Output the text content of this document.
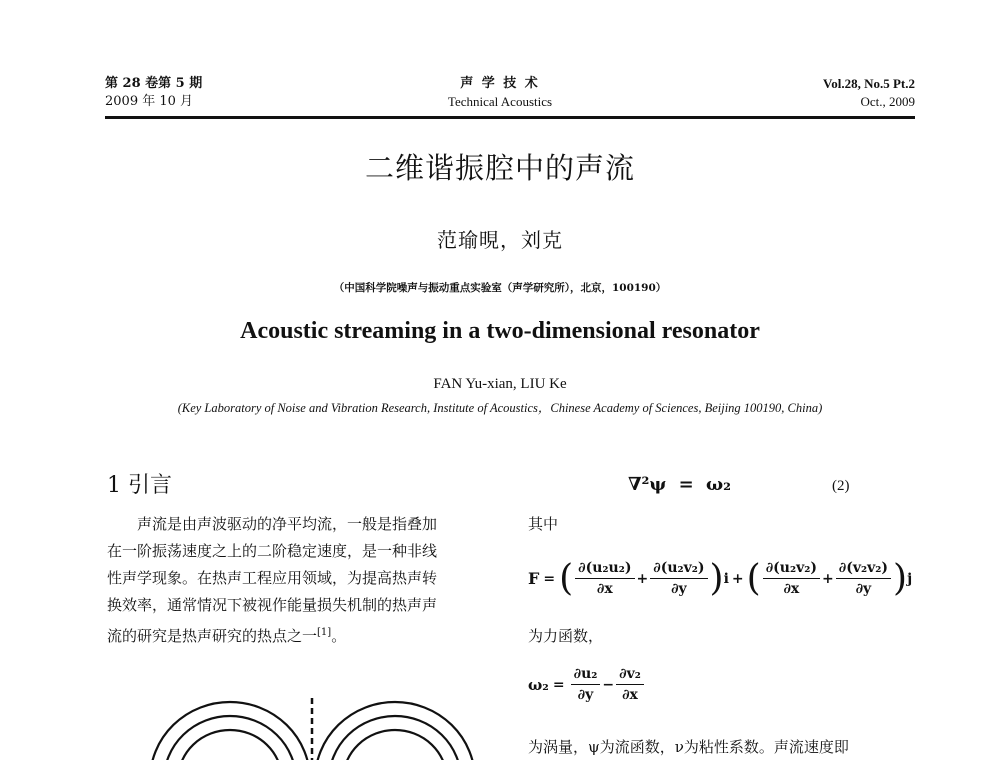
第 28 卷第 5 期
2009 年 10 月
声 学 技 术
Technical Acoustics
Vol.28, No.5 Pt.2
Oct., 2009
二维谐振腔中的声流
范瑜晛，刘克
（中国科学院噪声与振动重点实验室（声学研究所），北京，100190）
Acoustic streaming in a two-dimensional resonator
FAN Yu-xian, LIU Ke
(Key Laboratory of Noise and Vibration Research, Institute of Acoustics，Chinese Academy of Sciences, Beijing 100190, China)
1 引言

声流是由声波驱动的净平均流，一般是指叠加

在一阶振荡速度之上的二阶稳定速度，是一种非线

性声学现象。在热声工程应用领域，为提高热声转

换效率，通常情况下被视作能量损失机制的热声声

流的研究是热声研究的热点之一[1]。

∇²ψ = ω₂	(2)
其中
F = ( $\frac{\text{∂(u₂u₂)}}{\partial x} + \frac{\text{∂(u₂v₂)}}{\partial y}$ ) i + ( $\frac{\text{∂(u₂v₂)}}{\partial x} + \frac{\text{∂(v₂v₂)}}{\partial y}$ ) j
为力函数，
$\omega_2 = \frac{\text{∂u₂}}{\partial y} - \frac{\text{∂v₂}}{\partial x}$
为涡量，ψ为流函数，ν为粘性系数。声流速度即
